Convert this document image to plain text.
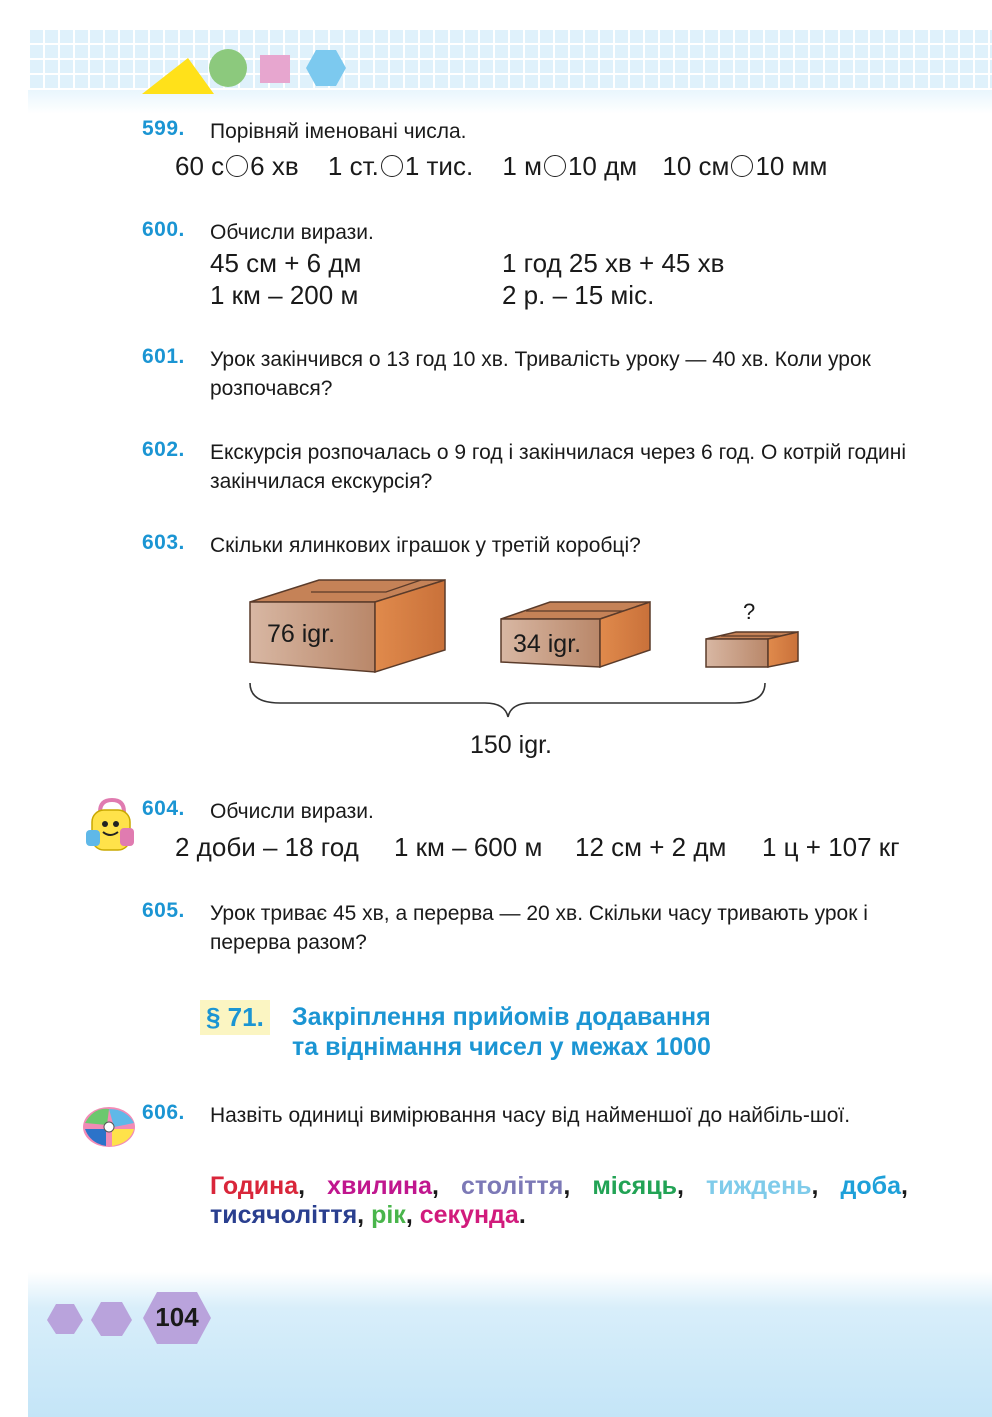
599. Порівняй іменовані числа.
60 с 6 хв 1 ст. 1 тис. 1 м 10 дм 10 см 10 мм
600. Обчисли вирази.
45 см + 6 дм	1 год 25 хв + 45 хв
1 км – 200 м	2 р. – 15 міс.
601. Урок закінчився о 13 год 10 хв. Тривалість уроку — 40 хв. Коли урок розпочався?
602. Екскурсія розпочалась о 9 год і закінчилася через 6 год. О котрій годині закінчилася екскурсія?
603. Скільки ялинкових іграшок у третій коробці?
76 igr.	34 igr.
?
150 igr.
604. Обчисли вирази.
2 доби – 18 год 1 км – 600 м 12 см + 2 дм 1 ц + 107 кг
605. Урок триває 45 хв, а перерва — 20 хв. Скільки часу тривають урок і перерва разом?
§ 71. Закріплення прийомів додавання
та віднімання чисел у межах 1000
606. Назвіть одиниці вимірювання часу від найменшої до найбіль-шої.
Година, хвилина, століття, місяць, тиждень, доба, тисячоліття, рік, секунда.
104
